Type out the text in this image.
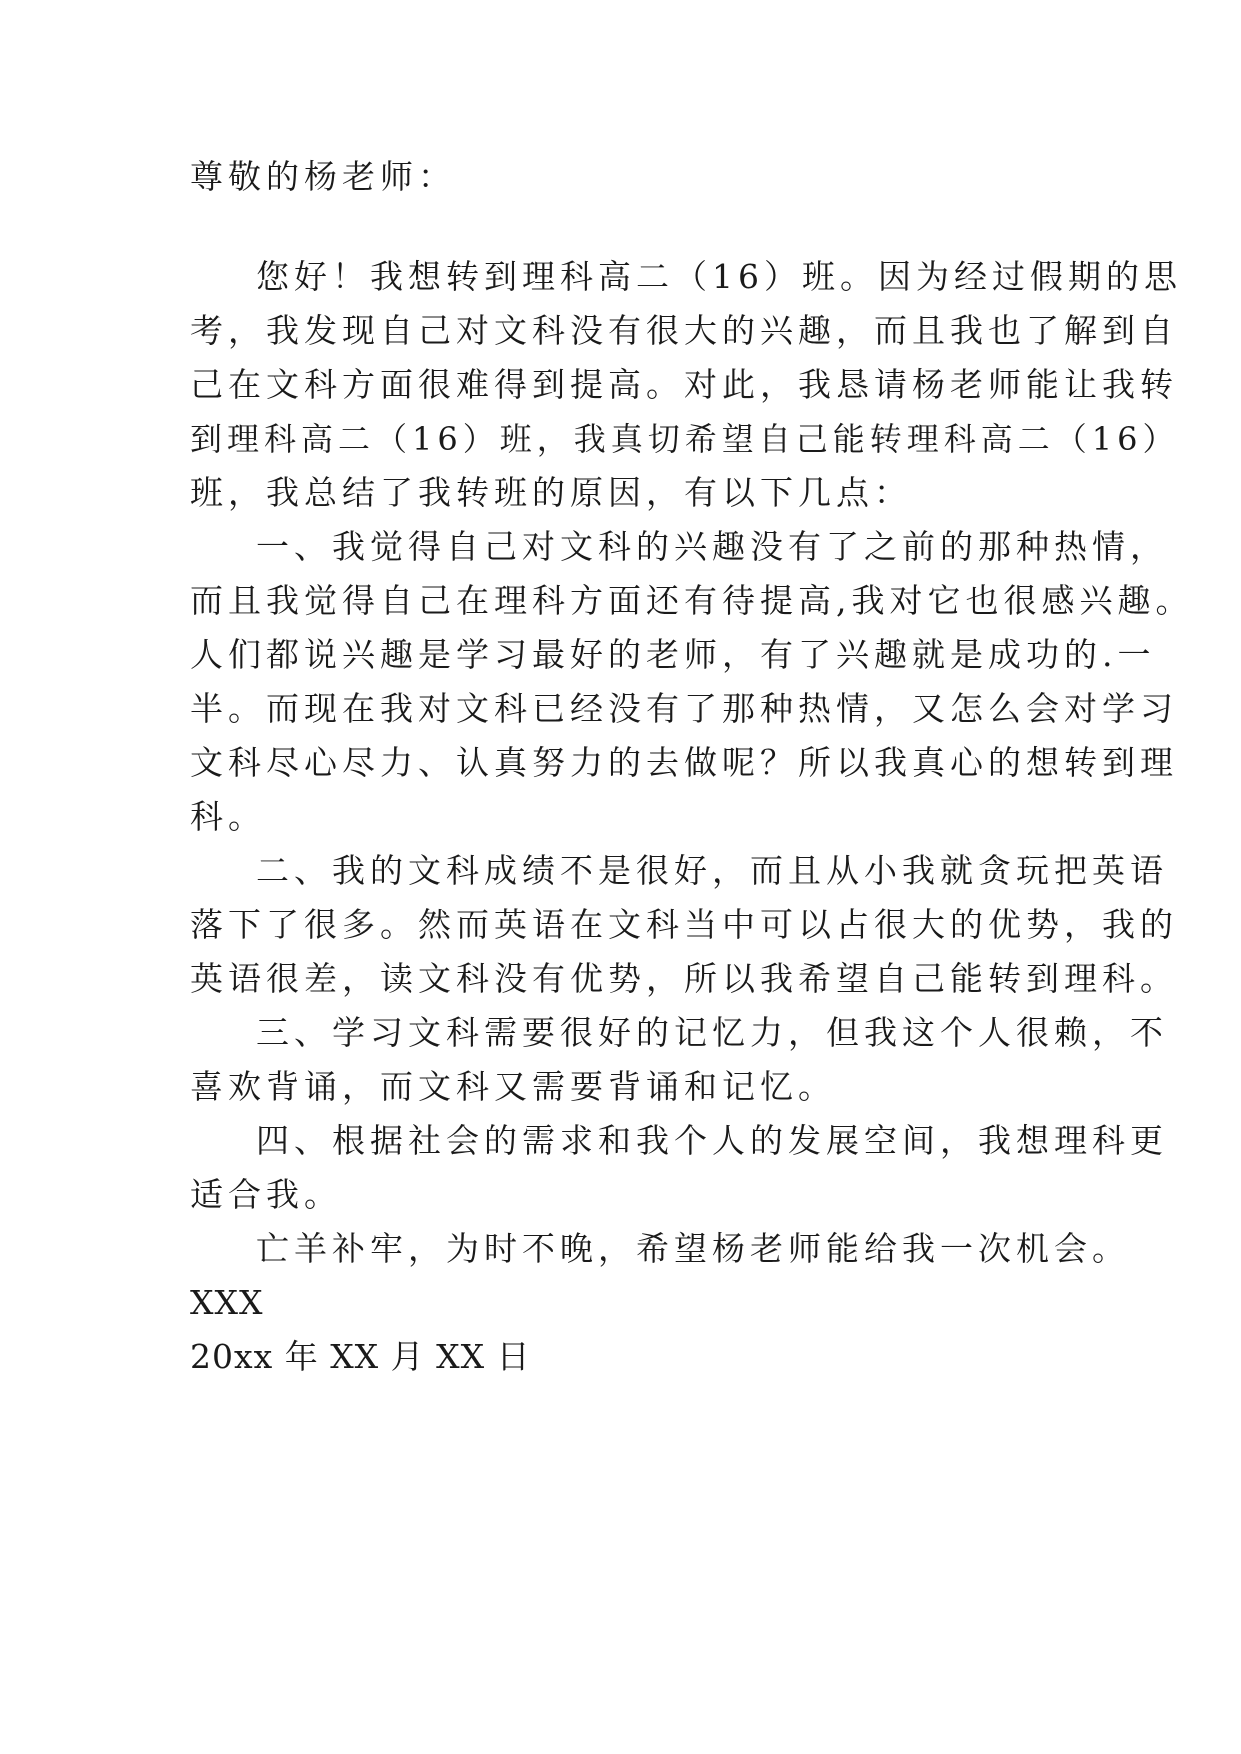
尊敬的杨老师：
您好！我想转到理科高二（16）班。因为经过假期的思
考，我发现自己对文科没有很大的兴趣，而且我也了解到自
己在文科方面很难得到提高。对此，我恳请杨老师能让我转
到理科高二（16）班，我真切希望自己能转理科高二（16）
班，我总结了我转班的原因，有以下几点：
一、我觉得自己对文科的兴趣没有了之前的那种热情，
而且我觉得自己在理科方面还有待提高,我对它也很感兴趣。
人们都说兴趣是学习最好的老师，有了兴趣就是成功的.一
半。而现在我对文科已经没有了那种热情，又怎么会对学习
文科尽心尽力、认真努力的去做呢？所以我真心的想转到理
科。
二、我的文科成绩不是很好，而且从小我就贪玩把英语
落下了很多。然而英语在文科当中可以占很大的优势，我的
英语很差，读文科没有优势，所以我希望自己能转到理科。
三、学习文科需要很好的记忆力，但我这个人很赖，不
喜欢背诵，而文科又需要背诵和记忆。
四、根据社会的需求和我个人的发展空间，我想理科更
适合我。
亡羊补牢，为时不晚，希望杨老师能给我一次机会。
XXX
20xx 年 XX 月 XX 日
